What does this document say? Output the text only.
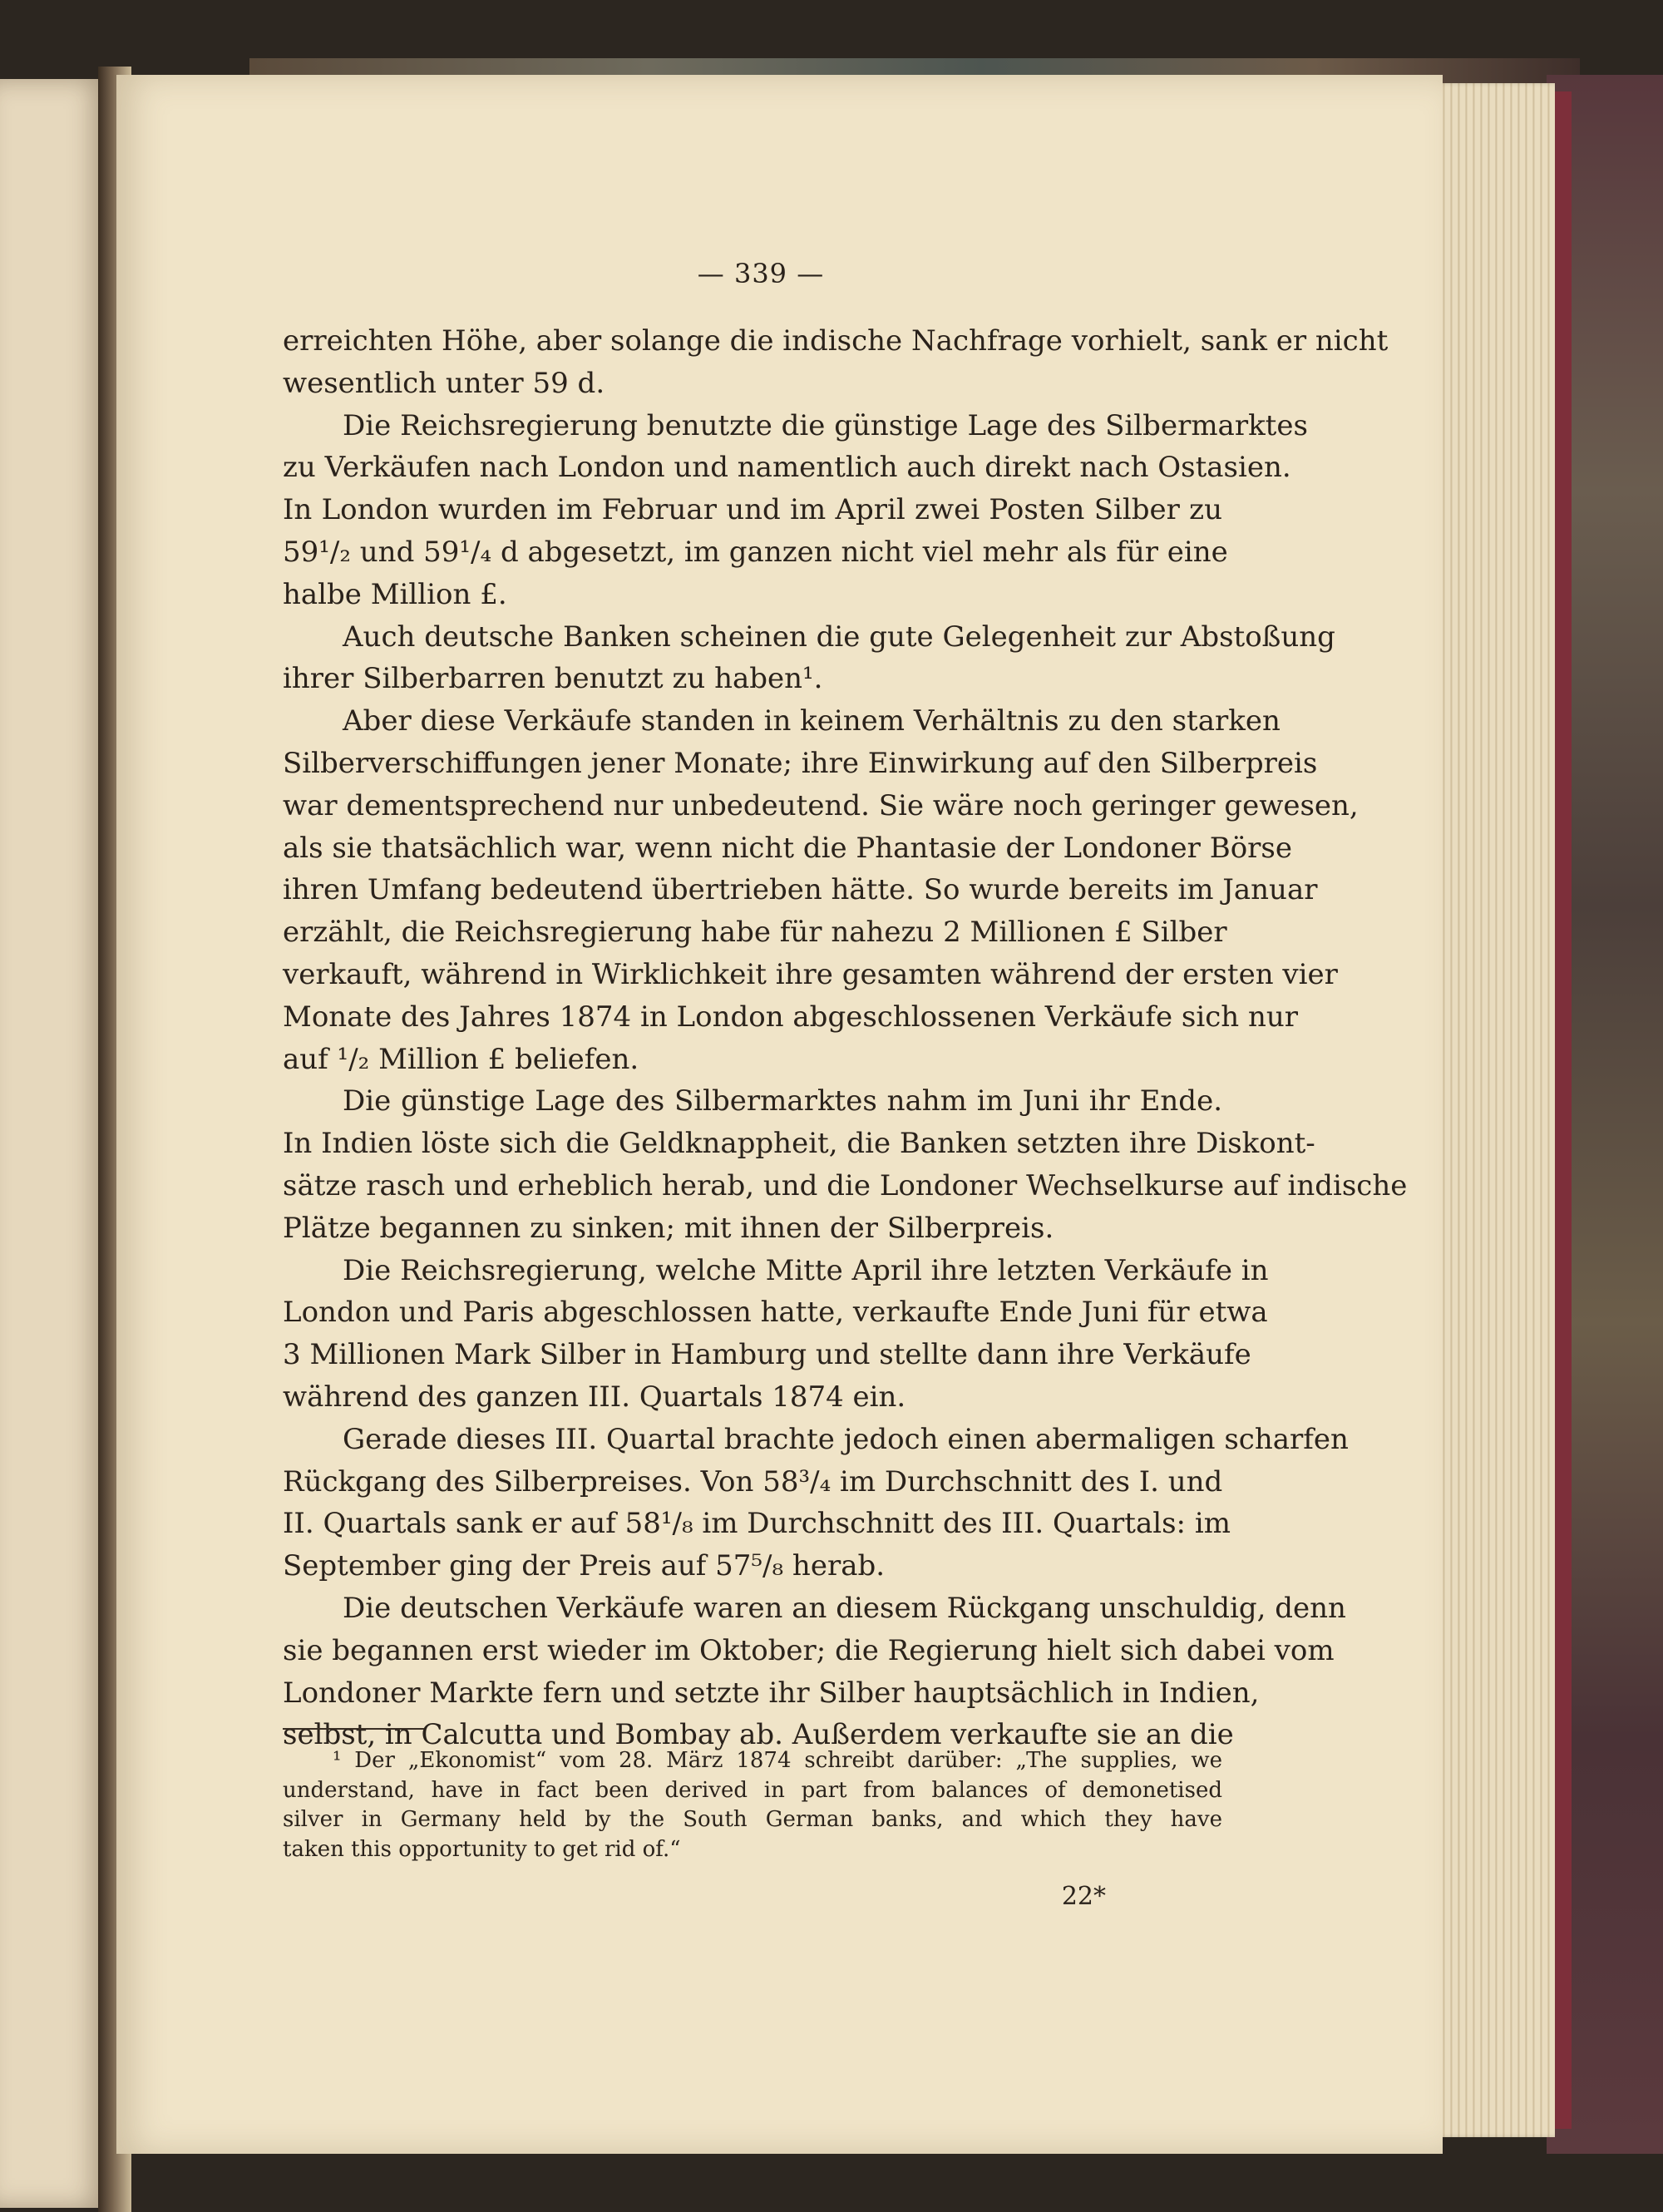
— 339 —
erreichten Höhe, aber solange die indische Nachfrage vorhielt, sank er nicht
wesentlich unter 59 d.
Die Reichsregierung benutzte die günstige Lage des Silbermarktes
zu Verkäufen nach London und namentlich auch direkt nach Ostasien.
In London wurden im Februar und im April zwei Posten Silber zu
59¹/₂ und 59¹/₄ d abgesetzt, im ganzen nicht viel mehr als für eine
halbe Million £.
Auch deutsche Banken scheinen die gute Gelegenheit zur Abstoßung
ihrer Silberbarren benutzt zu haben¹.
Aber diese Verkäufe standen in keinem Verhältnis zu den starken
Silberverschiffungen jener Monate; ihre Einwirkung auf den Silberpreis
war dementsprechend nur unbedeutend. Sie wäre noch geringer gewesen,
als sie thatsächlich war, wenn nicht die Phantasie der Londoner Börse
ihren Umfang bedeutend übertrieben hätte. So wurde bereits im Januar
erzählt, die Reichsregierung habe für nahezu 2 Millionen £ Silber
verkauft, während in Wirklichkeit ihre gesamten während der ersten vier
Monate des Jahres 1874 in London abgeschlossenen Verkäufe sich nur
auf ¹/₂ Million £ beliefen.
Die günstige Lage des Silbermarktes nahm im Juni ihr Ende.
In Indien löste sich die Geldknappheit, die Banken setzten ihre Diskont-
sätze rasch und erheblich herab, und die Londoner Wechselkurse auf indische
Plätze begannen zu sinken; mit ihnen der Silberpreis.
Die Reichsregierung, welche Mitte April ihre letzten Verkäufe in
London und Paris abgeschlossen hatte, verkaufte Ende Juni für etwa
3 Millionen Mark Silber in Hamburg und stellte dann ihre Verkäufe
während des ganzen III. Quartals 1874 ein.
Gerade dieses III. Quartal brachte jedoch einen abermaligen scharfen
Rückgang des Silberpreises. Von 58³/₄ im Durchschnitt des I. und
II. Quartals sank er auf 58¹/₈ im Durchschnitt des III. Quartals: im
September ging der Preis auf 57⁵/₈ herab.
Die deutschen Verkäufe waren an diesem Rückgang unschuldig, denn
sie begannen erst wieder im Oktober; die Regierung hielt sich dabei vom
Londoner Markte fern und setzte ihr Silber hauptsächlich in Indien,
selbst, in Calcutta und Bombay ab. Außerdem verkaufte sie an die
¹ Der „Ekonomist“ vom 28. März 1874 schreibt darüber: „The supplies, we
understand, have in fact been derived in part from balances of demonetised
silver in Germany held by the South German banks, and which they have
taken this opportunity to get rid of.“
22*
